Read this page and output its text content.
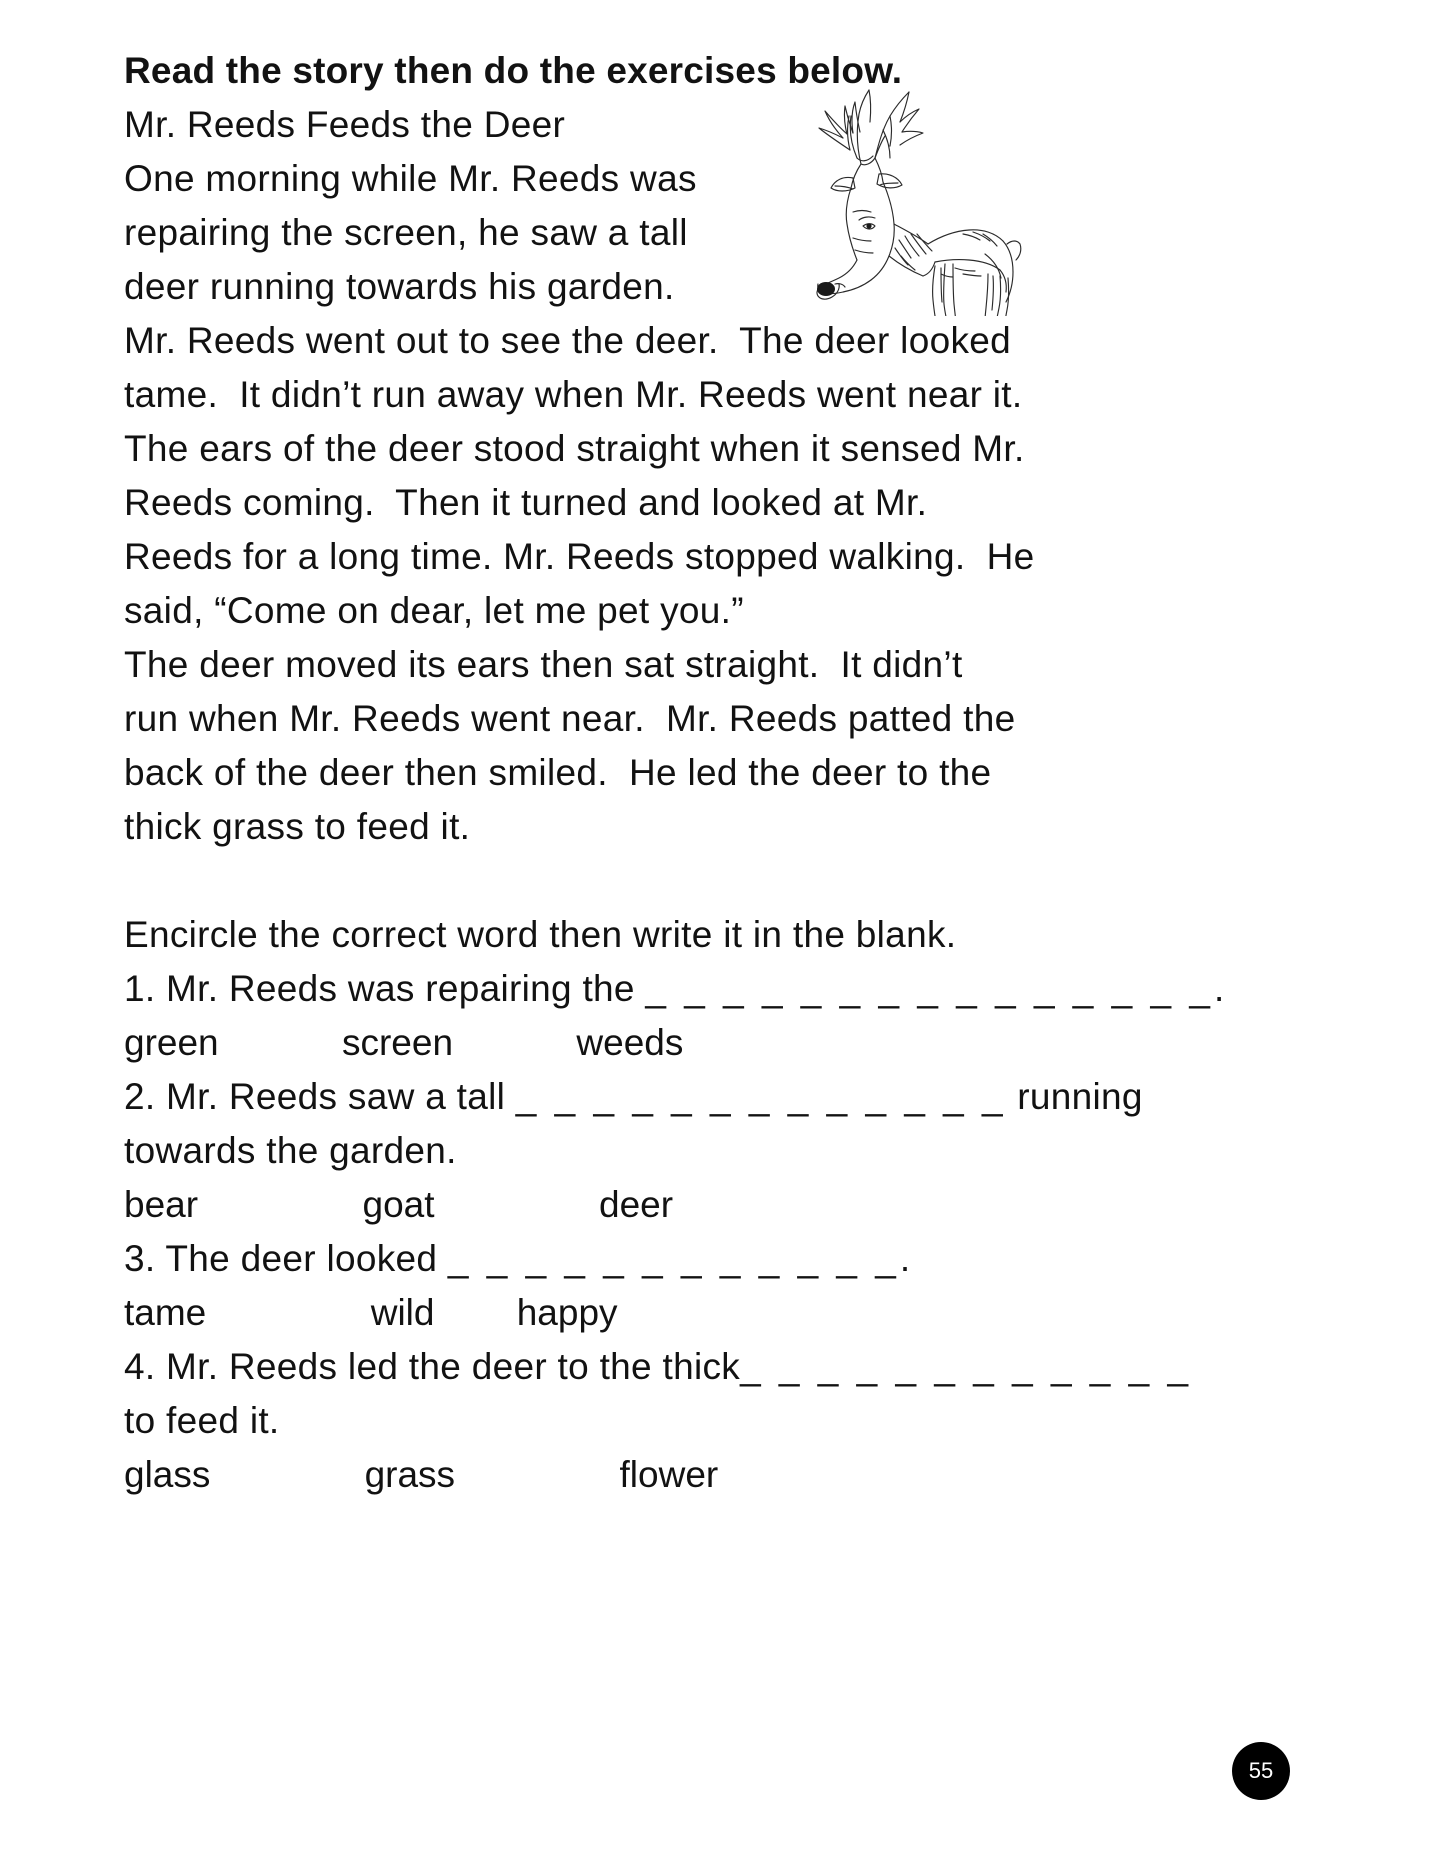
Read the story then do the exercises below.
Mr. Reeds Feeds the Deer
One morning while Mr. Reeds was
repairing the screen, he saw a tall
deer running towards his garden.
Mr. Reeds went out to see the deer.  The deer looked
tame.  It didn’t run away when Mr. Reeds went near it.
The ears of the deer stood straight when it sensed Mr.
Reeds coming.  Then it turned and looked at Mr.
Reeds for a long time. Mr. Reeds stopped walking.  He
said, “Come on dear, let me pet you.”
The deer moved its ears then sat straight.  It didn’t
run when Mr. Reeds went near.  Mr. Reeds patted the
back of the deer then smiled.  He led the deer to the
thick grass to feed it.
Encircle the correct word then write it in the blank.
1. Mr. Reeds was repairing the _ _ _ _ _ _ _ _ _ _ _ _ _ _ _.
green            screen            weeds
2. Mr. Reeds saw a tall _ _ _ _ _ _ _ _ _ _ _ _ _ running
towards the garden.
bear                goat                deer
3. The deer looked _ _ _ _ _ _ _ _ _ _ _ _.
tame                wild        happy
4. Mr. Reeds led the deer to the thick_ _ _ _ _ _ _ _ _ _ _ _
to feed it.
glass               grass                flower
55
